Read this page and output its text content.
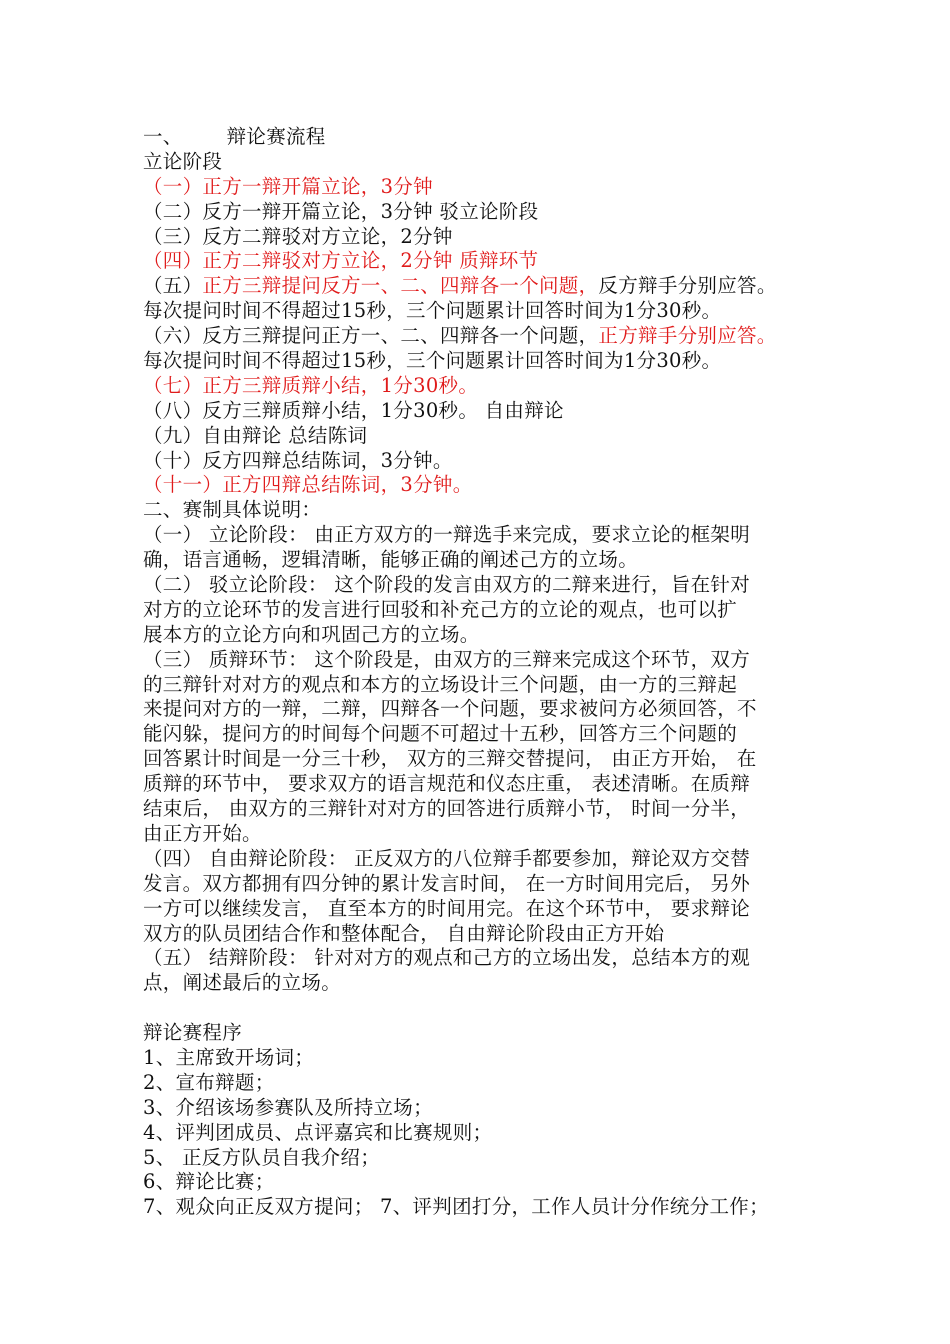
一、 辩论赛流程
立论阶段
（一）正方一辩开篇立论，3分钟
（二）反方一辩开篇立论，3分钟 驳立论阶段
（三）反方二辩驳对方立论，2分钟
（四）正方二辩驳对方立论，2分钟 质辩环节
（五）正方三辩提问反方一、二、四辩各一个问题，反方辩手分别应答。
每次提问时间不得超过15秒，三个问题累计回答时间为1分30秒。
（六）反方三辩提问正方一、二、四辩各一个问题，正方辩手分别应答。
每次提问时间不得超过15秒，三个问题累计回答时间为1分30秒。
（七）正方三辩质辩小结，1分30秒。
（八）反方三辩质辩小结，1分30秒。 自由辩论
（九）自由辩论 总结陈词
（十）反方四辩总结陈词，3分钟。
（十一）正方四辩总结陈词，3分钟。
二、赛制具体说明：
（一） 立论阶段： 由正方双方的一辩选手来完成，要求立论的框架明
确，语言通畅，逻辑清晰，能够正确的阐述己方的立场。
（二） 驳立论阶段： 这个阶段的发言由双方的二辩来进行，旨在针对
对方的立论环节的发言进行回驳和补充己方的立论的观点，也可以扩
展本方的立论方向和巩固己方的立场。
（三） 质辩环节： 这个阶段是，由双方的三辩来完成这个环节，双方
的三辩针对对方的观点和本方的立场设计三个问题，由一方的三辩起
来提问对方的一辩，二辩，四辩各一个问题，要求被问方必须回答，不
能闪躲，提问方的时间每个问题不可超过十五秒，回答方三个问题的
回答累计时间是一分三十秒， 双方的三辩交替提问， 由正方开始， 在
质辩的环节中， 要求双方的语言规范和仪态庄重， 表述清晰。在质辩
结束后， 由双方的三辩针对对方的回答进行质辩小节， 时间一分半，
由正方开始。
（四） 自由辩论阶段： 正反双方的八位辩手都要参加，辩论双方交替
发言。双方都拥有四分钟的累计发言时间， 在一方时间用完后， 另外
一方可以继续发言， 直至本方的时间用完。在这个环节中， 要求辩论
双方的队员团结合作和整体配合， 自由辩论阶段由正方开始
（五） 结辩阶段： 针对对方的观点和己方的立场出发，总结本方的观
点，阐述最后的立场。
辩论赛程序
1、主席致开场词；
2、宣布辩题；
3、介绍该场参赛队及所持立场；
4、评判团成员、点评嘉宾和比赛规则；
5、 正反方队员自我介绍；
6、辩论比赛；
7、观众向正反双方提问； 7、评判团打分，工作人员计分作统分工作；
